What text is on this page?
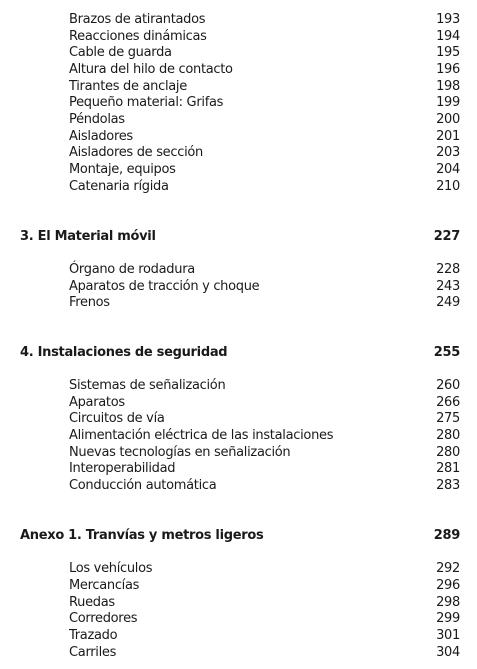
Brazos de atirantados	193
Reacciones dinámicas	194
Cable de guarda	195
Altura del hilo de contacto	196
Tirantes de anclaje	198
Pequeño material: Grifas	199
Péndolas	200
Aisladores	201
Aisladores de sección	203
Montaje, equipos	204
Catenaria rígida	210
3. El Material móvil	227
Órgano de rodadura	228
Aparatos de tracción y choque	243
Frenos	249
4. Instalaciones de seguridad	255
Sistemas de señalización	260
Aparatos	266
Circuitos de vía	275
Alimentación eléctrica de las instalaciones	280
Nuevas tecnologías en señalización	280
Interoperabilidad	281
Conducción automática	283
Anexo 1. Tranvías y metros ligeros	289
Los vehículos	292
Mercancías	296
Ruedas	298
Corredores	299
Trazado	301
Carriles	304
